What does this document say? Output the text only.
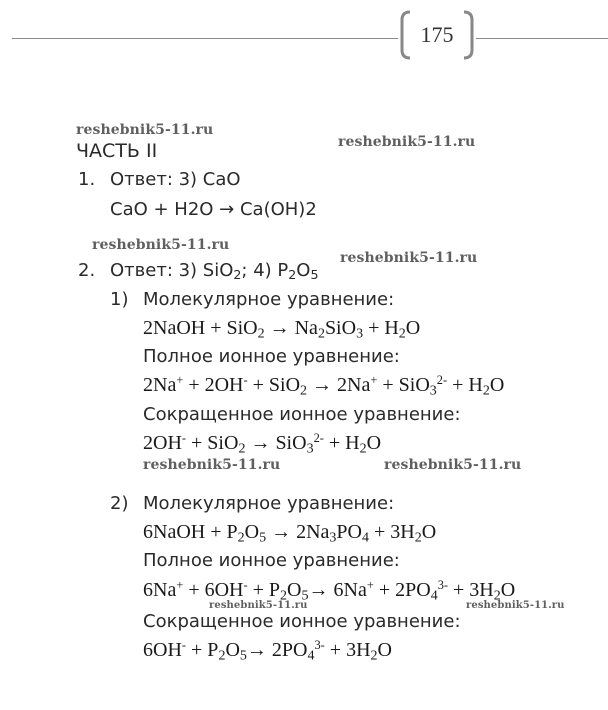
175
reshebnik5-11.ru
reshebnik5-11.ru
reshebnik5-11.ru
reshebnik5-11.ru
reshebnik5-11.ru	reshebnik5-11.ru
reshebnik5-11.ru	reshebnik5-11.ru
ЧАСТЬ II
1. Ответ: 3) CaO
CaO + H2O → Ca(OH)2
2. Ответ: 3) SiO$_2$; 4) $P_2O_5$
1) Молекулярное уравнение:
2NaOH + $SiO_2 \to Na_2SiO_3 + H_2O$
Полное ионное уравнение:
$2Na^+ + 2OH^- + SiO_2 \to 2Na^+ + SiO_3^{2-} + H_2O$
Сокращенное ионное уравнение:
$2OH^- + SiO_2 \to SiO_3^{2-} + H_2O$
2) Молекулярное уравнение:
6NaOH + $P_2O_5 \to 2Na_3PO_4 + 3H_2O$
Полное ионное уравнение:
$6Na^+ + 6OH^- + P_2O_5\to 6Na^+ + 2PO_4^{3-} + 3H_2O$
Сокращенное ионное уравнение:
$6OH^- + P_2O_5\to 2PO_4^{3-} + 3H_2O$
